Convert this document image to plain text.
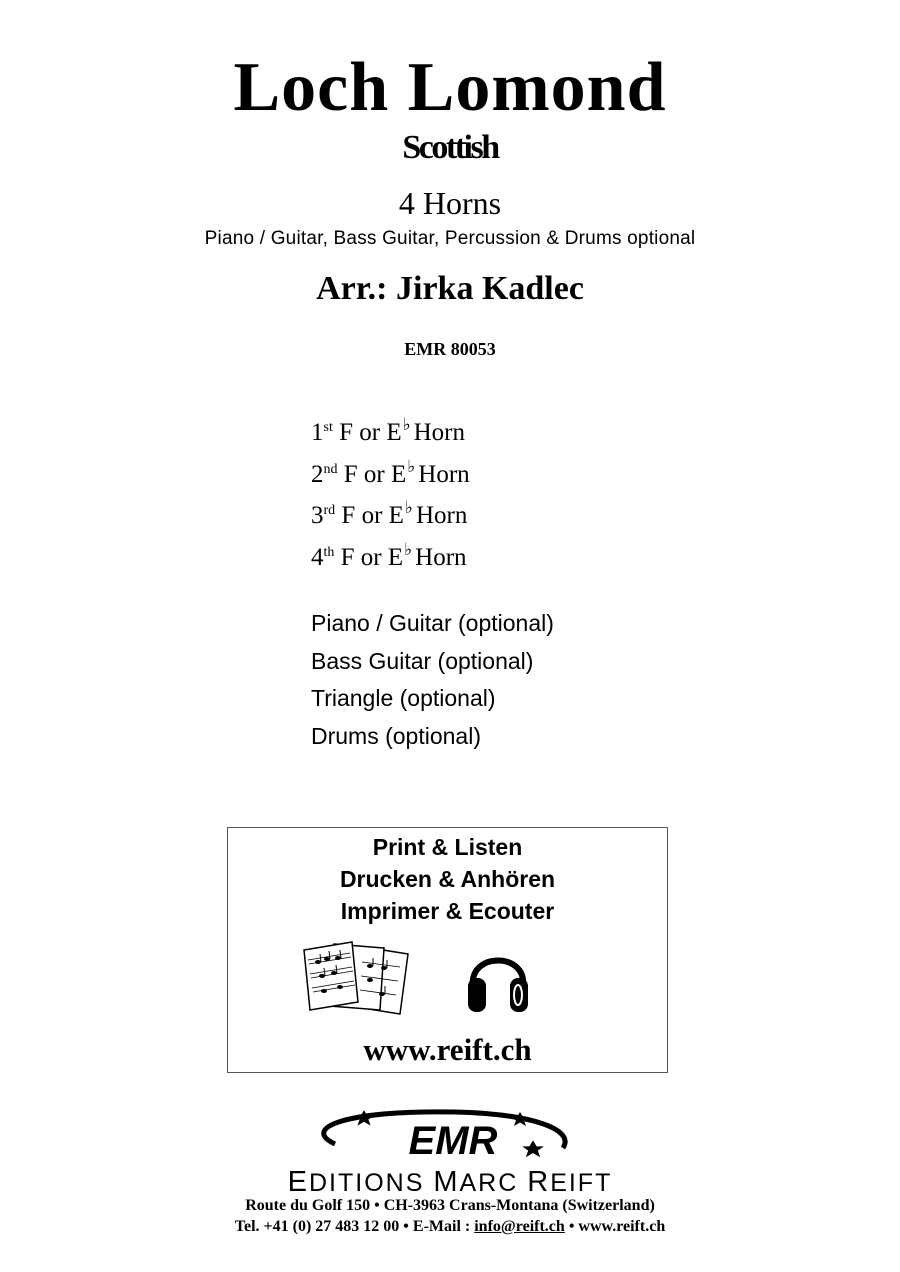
Loch Lomond
Scottish
4 Horns
Piano / Guitar, Bass Guitar, Percussion & Drums optional
Arr.: Jirka Kadlec
EMR 80053
1st F or E♭ Horn
2nd F or E♭ Horn
3rd F or E♭ Horn
4th F or E♭ Horn
Piano / Guitar (optional)
Bass Guitar (optional)
Triangle (optional)
Drums (optional)
Print & Listen
Drucken & Anhören
Imprimer & Ecouter
www.reift.ch
EMR
EDITIONS MARC REIFT
Route du Golf 150 • CH-3963 Crans-Montana (Switzerland)
Tel. +41 (0) 27 483 12 00 • E-Mail : info@reift.ch • www.reift.ch
